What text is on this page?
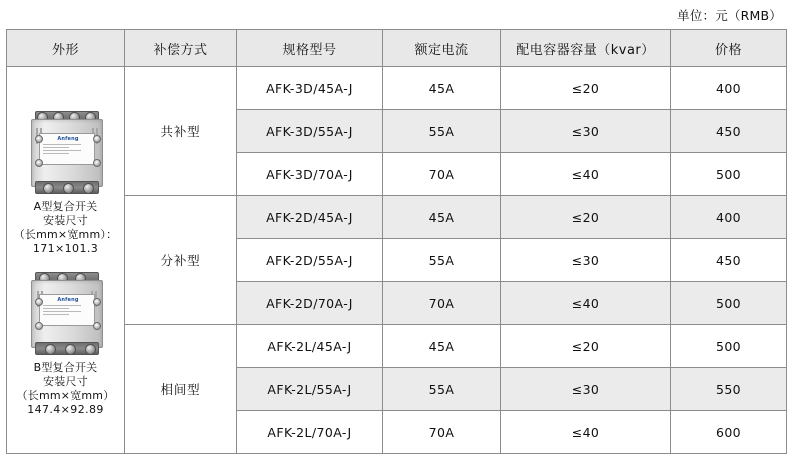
单位：元（RMB）
外形	补偿方式	规格型号	额定电流	配电容器容量（kvar）	价格

Anfeng
A型复合开关
安装尺寸
（长mm×宽mm）：
171×101.3
Anfeng
B型复合开关
安装尺寸
（长mm×宽mm）
147.4×92.89
	共补型	AFK-3D/45A-J	45A	≤20	400
		AFK-3D/55A-J	55A	≤30	450
		AFK-3D/70A-J	70A	≤40	500
	分补型	AFK-2D/45A-J	45A	≤20	400
		AFK-2D/55A-J	55A	≤30	450
		AFK-2D/70A-J	70A	≤40	500
	相间型	AFK-2L/45A-J	45A	≤20	500
		AFK-2L/55A-J	55A	≤30	550
		AFK-2L/70A-J	70A	≤40	600
